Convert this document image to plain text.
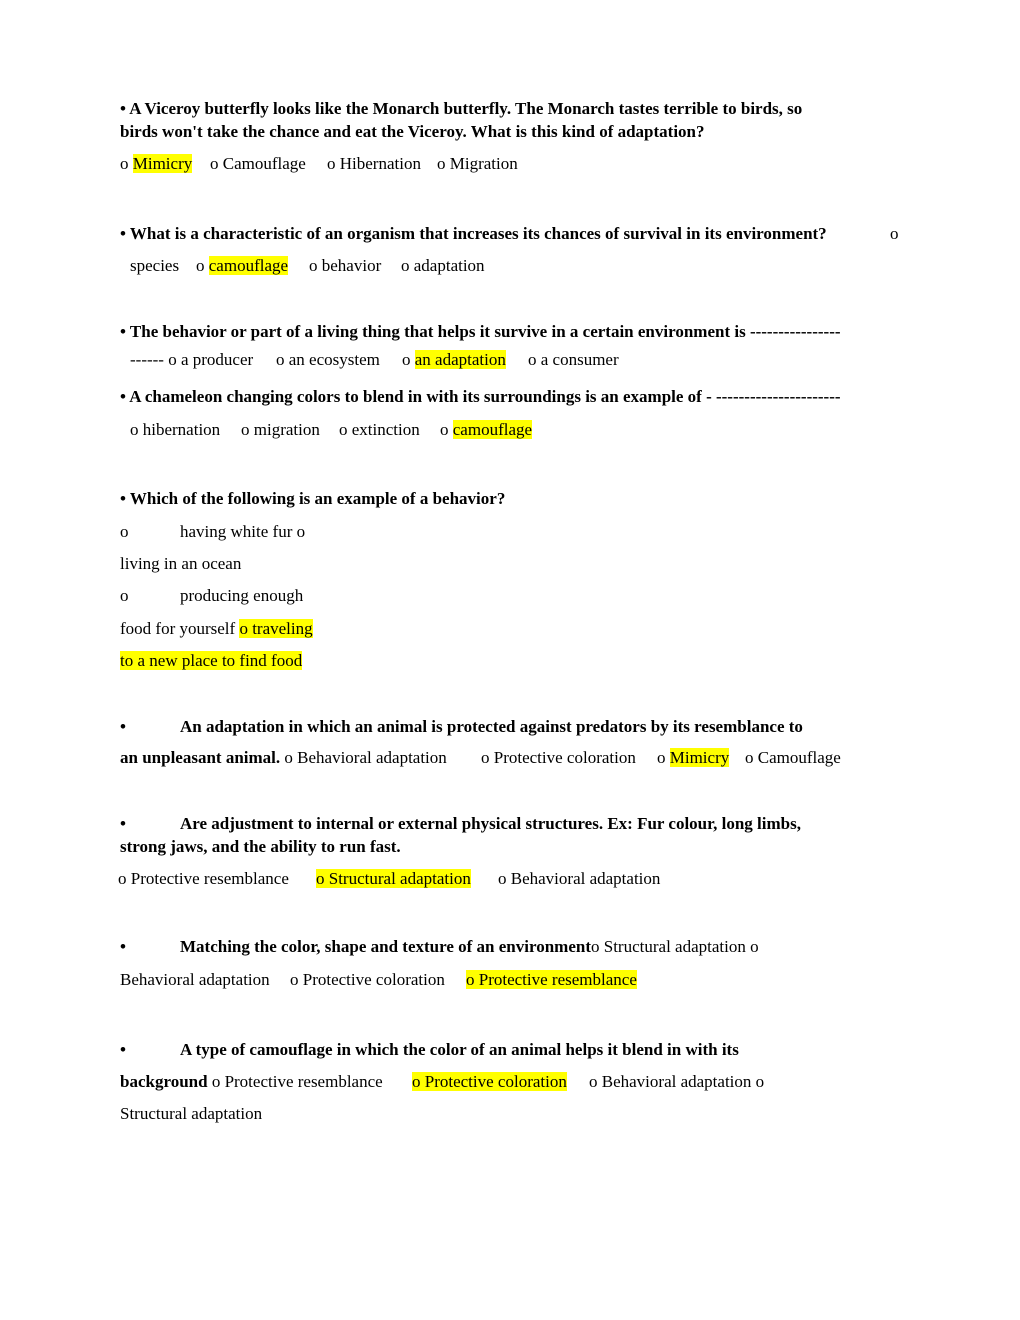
• A Viceroy butterfly looks like the Monarch butterfly. The Monarch tastes terrible to birds, so
birds won't take the chance and eat the Viceroy. What is this kind of adaptation?
o Mimicry o Camouflage o Hibernation o Migration
• What is a characteristic of an organism that increases its chances of survival in its environment?	o
species o camouflage o behavior o adaptation
• The behavior or part of a living thing that helps it survive in a certain environment is ----------------
------ o a producer o an ecosystem o an adaptation o a consumer
• A chameleon changing colors to blend in with its surroundings is an example of - ----------------------
o hibernation o migration o extinction o camouflage
• Which of the following is an example of a behavior?
o	having white fur o
living in an ocean
o	producing enough
food for yourself o traveling
to a new place to find food
•	An adaptation in which an animal is protected against predators by its resemblance to
an unpleasant animal. o Behavioral adaptation o Protective coloration o Mimicry o Camouflage
•	Are adjustment to internal or external physical structures. Ex: Fur colour, long limbs,
strong jaws, and the ability to run fast.
o Protective resemblance o Structural adaptation o Behavioral adaptation
•	Matching the color, shape and texture of an environmento Structural adaptation o
Behavioral adaptation o Protective coloration o Protective resemblance
•	A type of camouflage in which the color of an animal helps it blend in with its
background o Protective resemblance o Protective coloration o Behavioral adaptation o
Structural adaptation
